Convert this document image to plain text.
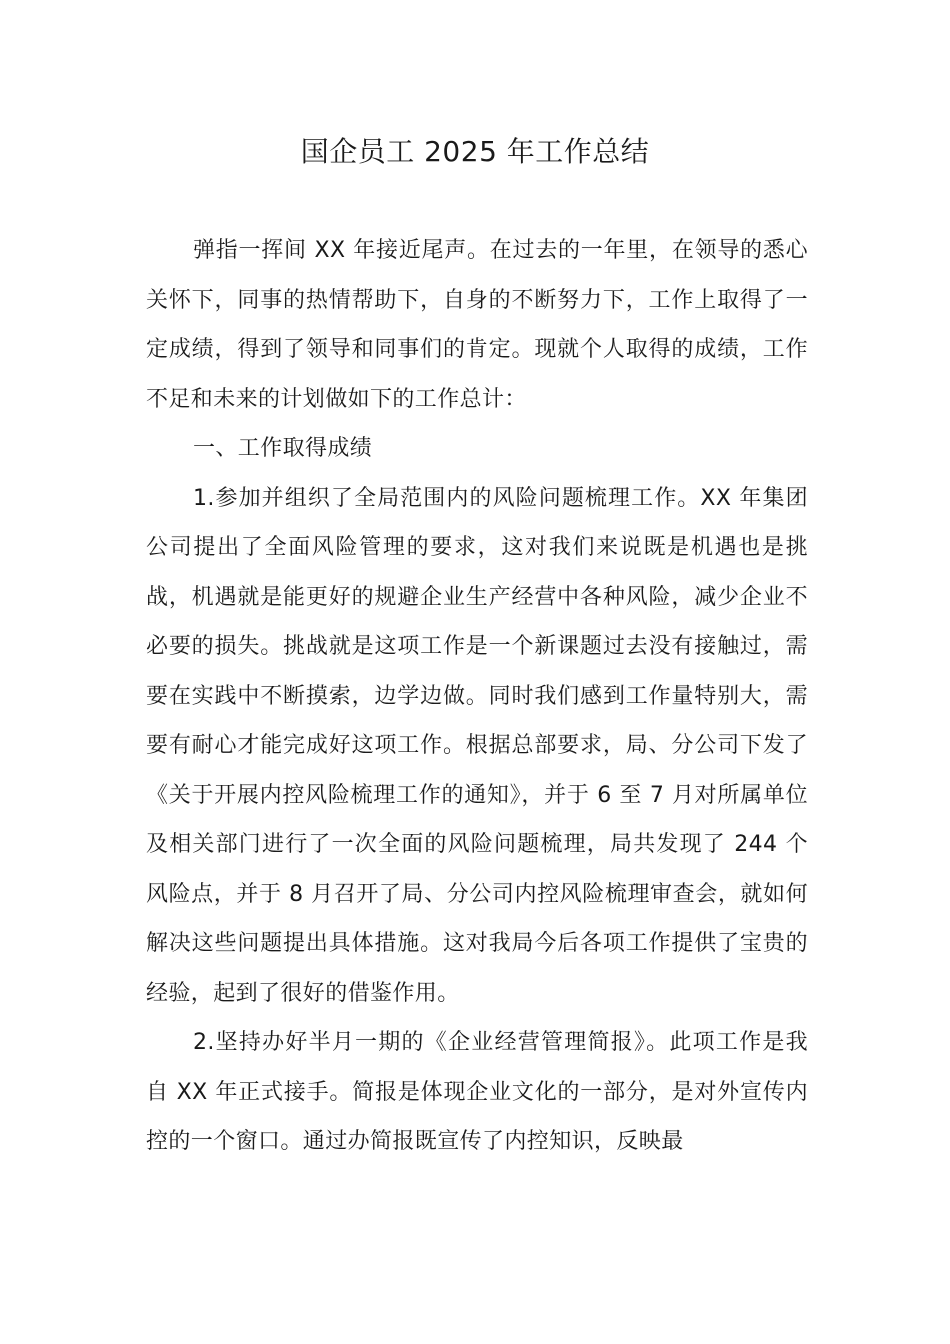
国企员工 2025 年工作总结

弹指一挥间 XX 年接近尾声。在过去的一年里，在领导的悉心关怀下，同事的热情帮助下，自身的不断努力下，工作上取得了一定成绩，得到了领导和同事们的肯定。现就个人取得的成绩，工作不足和未来的计划做如下的工作总计：

一、工作取得成绩

1.参加并组织了全局范围内的风险问题梳理工作。XX 年集团公司提出了全面风险管理的要求，这对我们来说既是机遇也是挑战，机遇就是能更好的规避企业生产经营中各种风险，减少企业不必要的损失。挑战就是这项工作是一个新课题过去没有接触过，需要在实践中不断摸索，边学边做。同时我们感到工作量特别大，需要有耐心才能完成好这项工作。根据总部要求，局、分公司下发了《关于开展内控风险梳理工作的通知》，并于 6 至 7 月对所属单位及相关部门进行了一次全面的风险问题梳理，局共发现了 244 个风险点，并于 8 月召开了局、分公司内控风险梳理审查会，就如何解决这些问题提出具体措施。这对我局今后各项工作提供了宝贵的经验，起到了很好的借鉴作用。

2.坚持办好半月一期的《企业经营管理简报》。此项工作是我自 XX 年正式接手。简报是体现企业文化的一部分，是对外宣传内控的一个窗口。通过办简报既宣传了内控知识，反映最
